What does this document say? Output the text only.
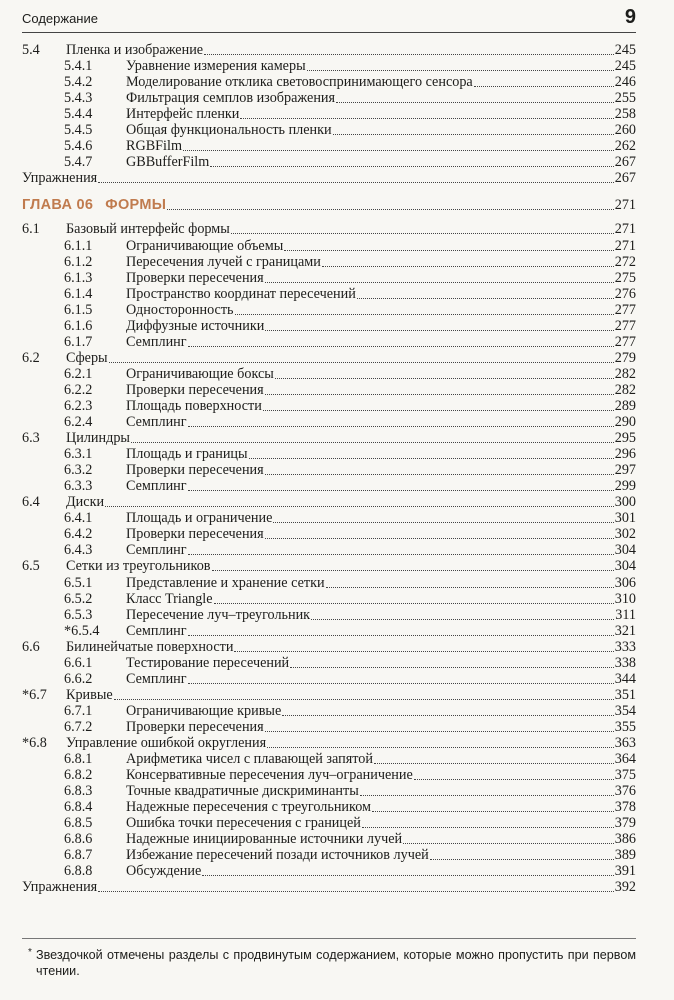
Содержание	9
5.4	Пленка и изображение	245
5.4.1	Уравнение измерения камеры	245
5.4.2	Моделирование отклика световоспринимающего сенсора	246
5.4.3	Фильтрация семплов изображения	255
5.4.4	Интерфейс пленки	258
5.4.5	Общая функциональность пленки	260
5.4.6	RGBFilm	262
5.4.7	GBBufferFilm	267
Упражнения	267
ГЛАВА 06 ФОРМЫ	271
6.1	Базовый интерфейс формы	271
6.1.1	Ограничивающие объемы	271
6.1.2	Пересечения лучей с границами	272
6.1.3	Проверки пересечения	275
6.1.4	Пространство координат пересечений	276
6.1.5	Односторонность	277
6.1.6	Диффузные источники	277
6.1.7	Семплинг	277
6.2	Сферы	279
6.2.1	Ограничивающие боксы	282
6.2.2	Проверки пересечения	282
6.2.3	Площадь поверхности	289
6.2.4	Семплинг	290
6.3	Цилиндры	295
6.3.1	Площадь и границы	296
6.3.2	Проверки пересечения	297
6.3.3	Семплинг	299
6.4	Диски	300
6.4.1	Площадь и ограничение	301
6.4.2	Проверки пересечения	302
6.4.3	Семплинг	304
6.5	Сетки из треугольников	304
6.5.1	Представление и хранение сетки	306
6.5.2	Класс Triangle	310
6.5.3	Пересечение луч–треугольник	311
*6.5.4	Семплинг	321
6.6	Билинейчатые поверхности	333
6.6.1	Тестирование пересечений	338
6.6.2	Семплинг	344
*6.7	Кривые	351
6.7.1	Ограничивающие кривые	354
6.7.2	Проверки пересечения	355
*6.8	Управление ошибкой округления	363
6.8.1	Арифметика чисел с плавающей запятой	364
6.8.2	Консервативные пересечения луч–ограничение	375
6.8.3	Точные квадратичные дискриминанты	376
6.8.4	Надежные пересечения с треугольником	378
6.8.5	Ошибка точки пересечения с границей	379
6.8.6	Надежные инициированные источники лучей	386
6.8.7	Избежание пересечений позади источников лучей	389
6.8.8	Обсуждение	391
Упражнения	392
* Звездочкой отмечены разделы с продвинутым содержанием, которые можно пропустить при первом чтении.
